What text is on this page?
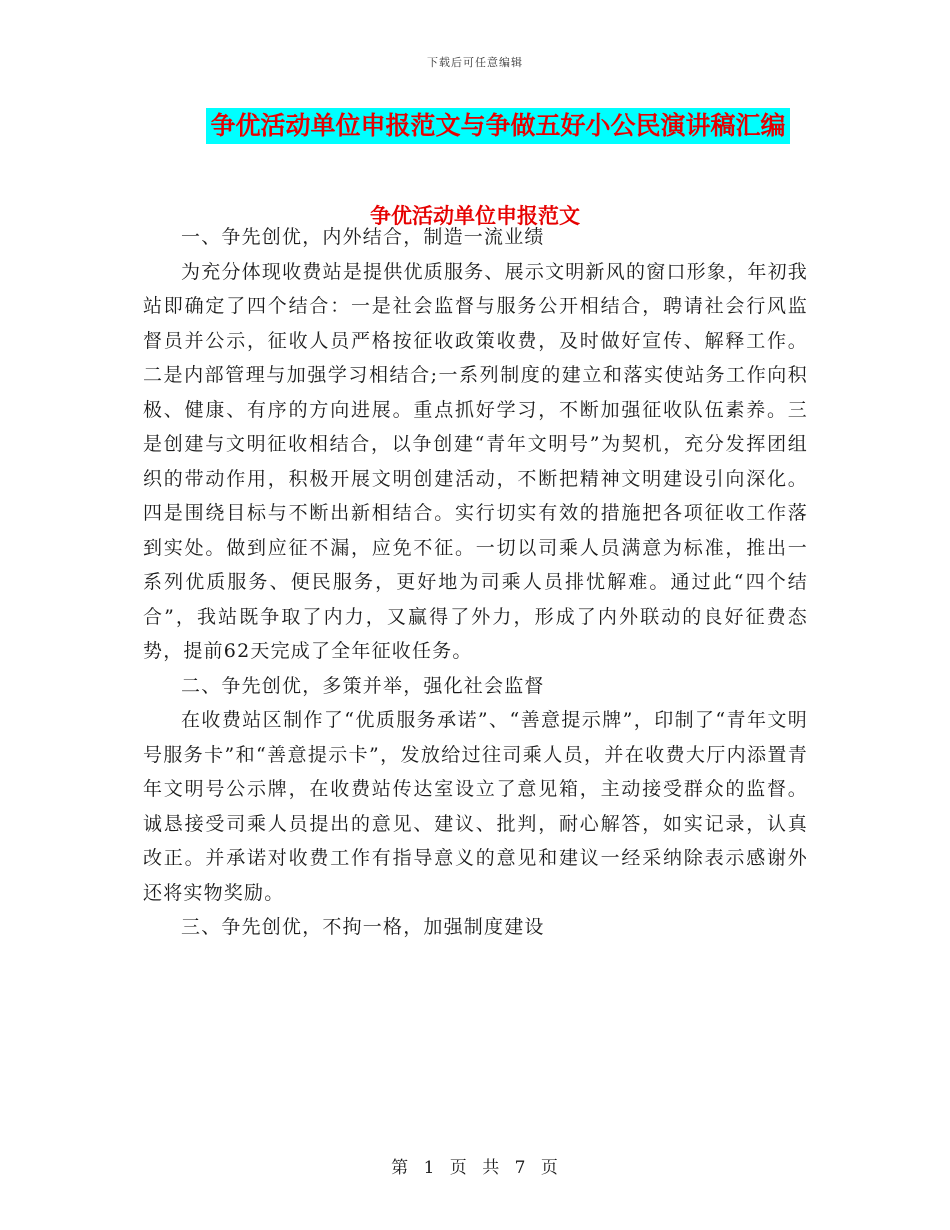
下载后可任意编辑
争优活动单位申报范文与争做五好小公民演讲稿汇编
争优活动单位申报范文

一、争先创优，内外结合，制造一流业绩

为充分体现收费站是提供优质服务、展示文明新风的窗口形象，年初我站即确定了四个结合：一是社会监督与服务公开相结合，聘请社会行风监督员并公示，征收人员严格按征收政策收费，及时做好宣传、解释工作。二是内部管理与加强学习相结合;一系列制度的建立和落实使站务工作向积极、健康、有序的方向进展。重点抓好学习，不断加强征收队伍素养。三是创建与文明征收相结合，以争创建“青年文明号”为契机，充分发挥团组织的带动作用，积极开展文明创建活动，不断把精神文明建设引向深化。四是围绕目标与不断出新相结合。实行切实有效的措施把各项征收工作落到实处。做到应征不漏，应免不征。一切以司乘人员满意为标准，推出一系列优质服务、便民服务，更好地为司乘人员排忧解难。通过此“四个结合”，我站既争取了内力，又赢得了外力，形成了内外联动的良好征费态势，提前62天完成了全年征收任务。

二、争先创优，多策并举，强化社会监督

在收费站区制作了“优质服务承诺”、“善意提示牌”，印制了“青年文明号服务卡”和“善意提示卡”，发放给过往司乘人员，并在收费大厅内添置青年文明号公示牌，在收费站传达室设立了意见箱，主动接受群众的监督。诚恳接受司乘人员提出的意见、建议、批判，耐心解答，如实记录，认真改正。并承诺对收费工作有指导意义的意见和建议一经采纳除表示感谢外还将实物奖励。

三、争先创优，不拘一格，加强制度建设

第 1 页 共 7 页
